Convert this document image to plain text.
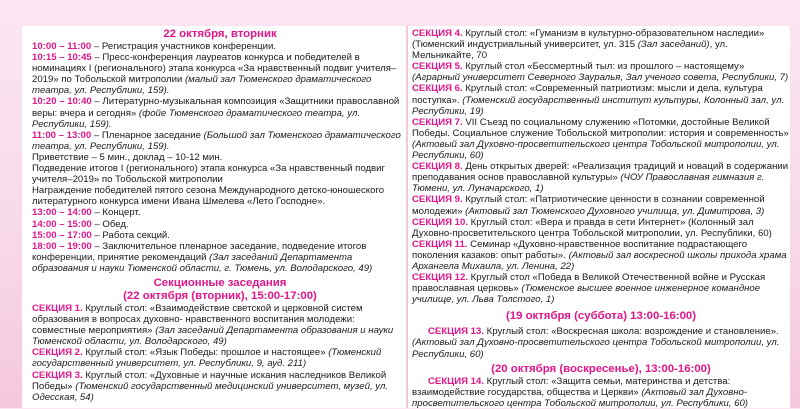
22 октября, вторник

10:00 – 11:00 – Регистрация участников конференции.

10:15 – 10:45 – Пресс-конференция лауреатов конкурса и победителей в номинациях I (регионального) этапа конкурса «За нравственный подвиг учителя–2019» по Тобольской митрополии (малый зал Тюменского драматического театра, ул. Республики, 159).

10:20 – 10:40 – Литературно-музыкальная композиция «Защитники православной веры: вчера и сегодня» (фойе Тюменского драматического театра, ул. Республики, 159).

11:00 – 13:00 – Пленарное заседание (Большой зал Тюменского драматического театра, ул. Республики, 159).

Приветствие – 5 мин., доклад – 10-12 мин.

Подведение итогов I (регионального) этапа конкурса «За нравственный подвиг учителя–2019» по Тобольской митрополии

Награждение победителей пятого сезона Международного детско-юношеского литературного конкурса имени Ивана Шмелева «Лето Господне».

13:00 – 14:00 – Концерт.

14:00 – 15:00 – Обед.

15:00 – 17:00 – Работа секций.

18:00 – 19:00 – Заключительное пленарное заседание, подведение итогов конференции, принятие рекомендаций (Зал заседаний Департамента образования и науки Тюменской области, г. Тюмень, ул. Володарского, 49)

Секционные заседания
(22 октября (вторник), 15:00-17:00)

СЕКЦИЯ 1. Круглый стол: «Взаимодействие светской и церковной систем образования в вопросах духовно- нравственного воспитания молодежи: совместные мероприятия» (Зал заседаний Департамента образования и науки Тюменской области, ул. Володарского, 49)

СЕКЦИЯ 2. Круглый стол: «Язык Победы: прошлое и настоящее» (Тюменский государственный университет, ул. Республики, 9, ауд. 211)

СЕКЦИЯ 3. Круглый стол: «Духовные и научные искания наследников Великой Победы» (Тюменский государственный медицинский университет, музей, ул. Одесская, 54)

СЕКЦИЯ 4. Круглый стол: «Гуманизм в культурно-образовательном наследии» (Тюменский индустриальный университет, ул. 315 (Зал заседаний), ул. Мельникайте, 70

СЕКЦИЯ 5. Круглый стол «Бессмертный тыл: из прошлого – настоящему» (Аграрный университет Северного Зауралья, Зал ученого совета, Республики, 7)

СЕКЦИЯ 6. Круглый стол: «Современный патриотизм: мысли и дела, культура поступка». (Тюменский государственный институт культуры, Колонный зал, ул. Республики, 19)

СЕКЦИЯ 7. VII Съезд по социальному служению «Потомки, достойные Великой Победы. Социальное служение Тобольской митрополии: история и современность» (Актовый зал Духовно-просветительского центра Тобольской митрополии, ул. Республики, 60)

СЕКЦИЯ 8. День открытых дверей: «Реализация традиций и новаций в содержании преподавания основ православной культуры» (ЧОУ Православная гимназия г. Тюмени, ул. Луначарского, 1)

СЕКЦИЯ 9. Круглый стол: «Патриотические ценности в сознании современной молодежи» (Актовый зал Тюменского Духовного училища, ул. Димитрова, 3)

СЕКЦИЯ 10. Круглый стол: «Вера и правда в сети Интернет» (Колонный зал Духовно-просветительского центра Тобольской митрополии, ул. Республики, 60)

СЕКЦИЯ 11. Семинар «Духовно-нравственное воспитание подрастающего поколения казаков: опыт работы». (Актовый зал воскресной школы прихода храма Архангела Михаила, ул. Ленина, 22)

СЕКЦИЯ 12. Круглый стол «Победа в Великой Отечественной войне и Русская православная церковь» (Тюменское высшее военное инженерное командное училище, ул. Льва Толстого, 1)

(19 октября (суббота) 13:00-16:00)

СЕКЦИЯ 13. Круглый стол: «Воскресная школа: возрождение и становление». (Актовый зал Духовно-просветительского центра Тобольской митрополии, ул. Республики, 60)

(20 октября (воскресенье), 13:00-16:00)

СЕКЦИЯ 14. Круглый стол: «Защита семьи, материнства и детства: взаимодействие государства, общества и Церкви» (Актовый зал Духовно-просветительского центра Тобольской митрополии, ул. Республики, 60)
